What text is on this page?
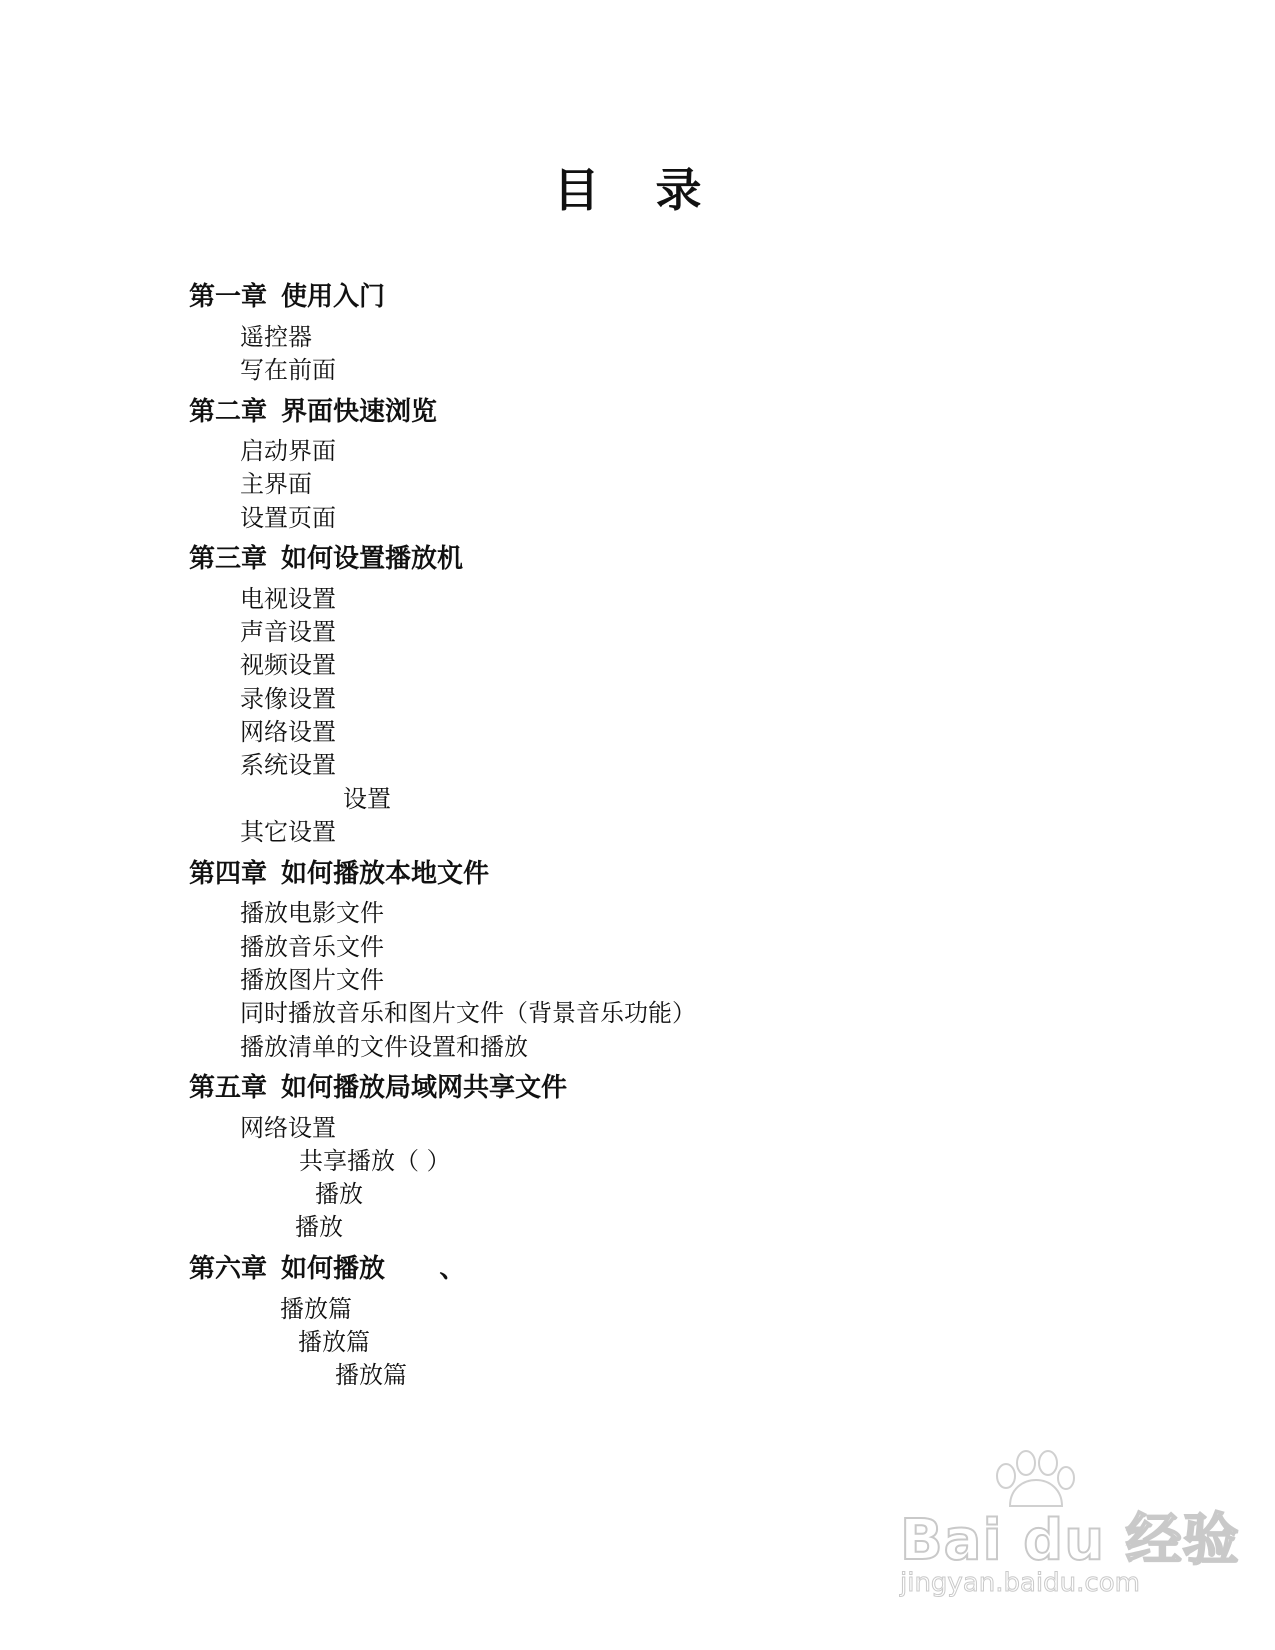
目 录
第一章 使用入门
遥控器
写在前面
第二章 界面快速浏览
启动界面
主界面
设置页面
第三章 如何设置播放机
电视设置
声音设置
视频设置
录像设置
网络设置
系统设置
设置
其它设置
第四章 如何播放本地文件
播放电影文件
播放音乐文件
播放图片文件
同时播放音乐和图片文件（背景音乐功能）
播放清单的文件设置和播放
第五章 如何播放局域网共享文件
网络设置
共享播放（ ）
播放
播放
第六章 如何播放      、
播放篇
播放篇
播放篇
Bai du 经验
jingyan.baidu.com
